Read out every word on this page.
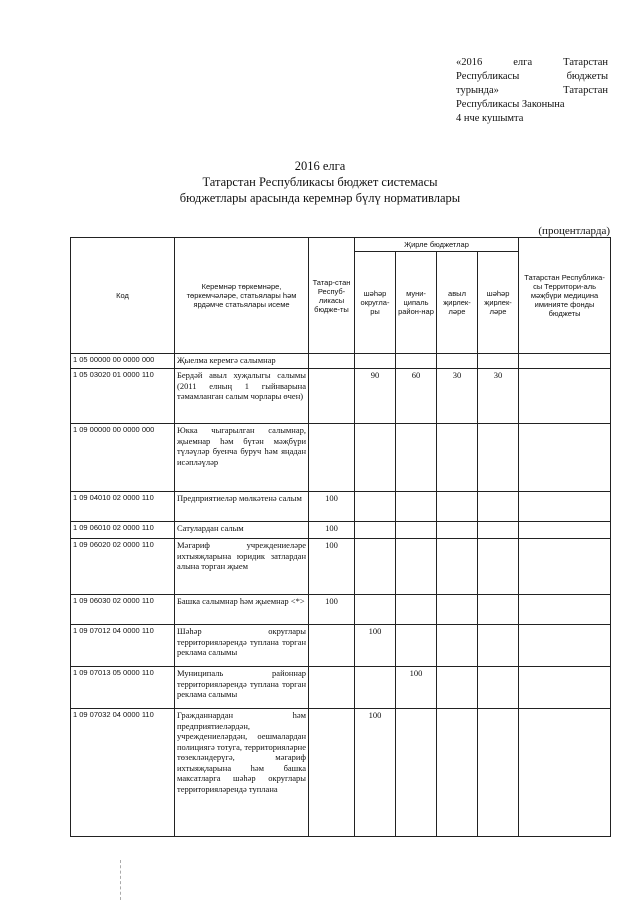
«2016 елга Татарстан
Республикасы бюджеты
турында» Татарстан
Республикасы Законына
4 нче кушымта
2016 елга
Татарстан Республикасы бюджет системасы
бюджетлары арасында керемнәр бүлү нормативлары
(процентларда)
Код	Керемнәр төркемнәре, төркемчәләре, статьялары һәм ярдәмче статьялары исеме	Татар-стан Респуб-ликасы бюдже-ты	Җирле бюджетлар				Татарстан Республика-сы Территори-аль мәҗбүри медицина иминияте фонды бюджеты
			шәһәр округла-ры	муни-ципаль район-нар	авыл җирлек-ләре	шәһәр җирлек-ләре	
1 05 00000 00 0000 000	Җыелма керемгә салымнар						
1 05 03020 01 0000 110	Бердәй авыл хуҗалыгы салымы (2011 елның 1 гыйнварына тәмамланган салым чорлары өчен)		90	60	30	30	
1 09 00000 00 0000 000	Юкка чыгарылган салымнар, җыемнар һәм бүтән мәҗбүри түләүләр буенча буруч һәм яңадан исәпләүләр						
1 09 04010 02 0000 110	Предприятиеләр мөлкәтенә салым	100					
1 09 06010 02 0000 110	Сатулардан салым	100					
1 09 06020 02 0000 110	Мәгариф учреждениеләре ихтыяҗларына юридик затлардан алына торган җыем	100					
1 09 06030 02 0000 110	Башка салымнар һәм җыемнар <*>	100					
1 09 07012 04 0000 110	Шәһәр округлары территорияләрендә туплана торган реклама салымы		100				
1 09 07013 05 0000 110	Муниципаль районнар территорияләрендә туплана торган реклама салымы			100			
1 09 07032 04 0000 110	Гражданнардан һәм предприятиеләрдән, учреждениеләрдән, оешмалардан полициягә тотуга, территорияләрне төзекләндерүгә, мәгариф ихтыяҗларына һәм башка максатларга шәһәр округлары территорияләрендә туплана		100				
